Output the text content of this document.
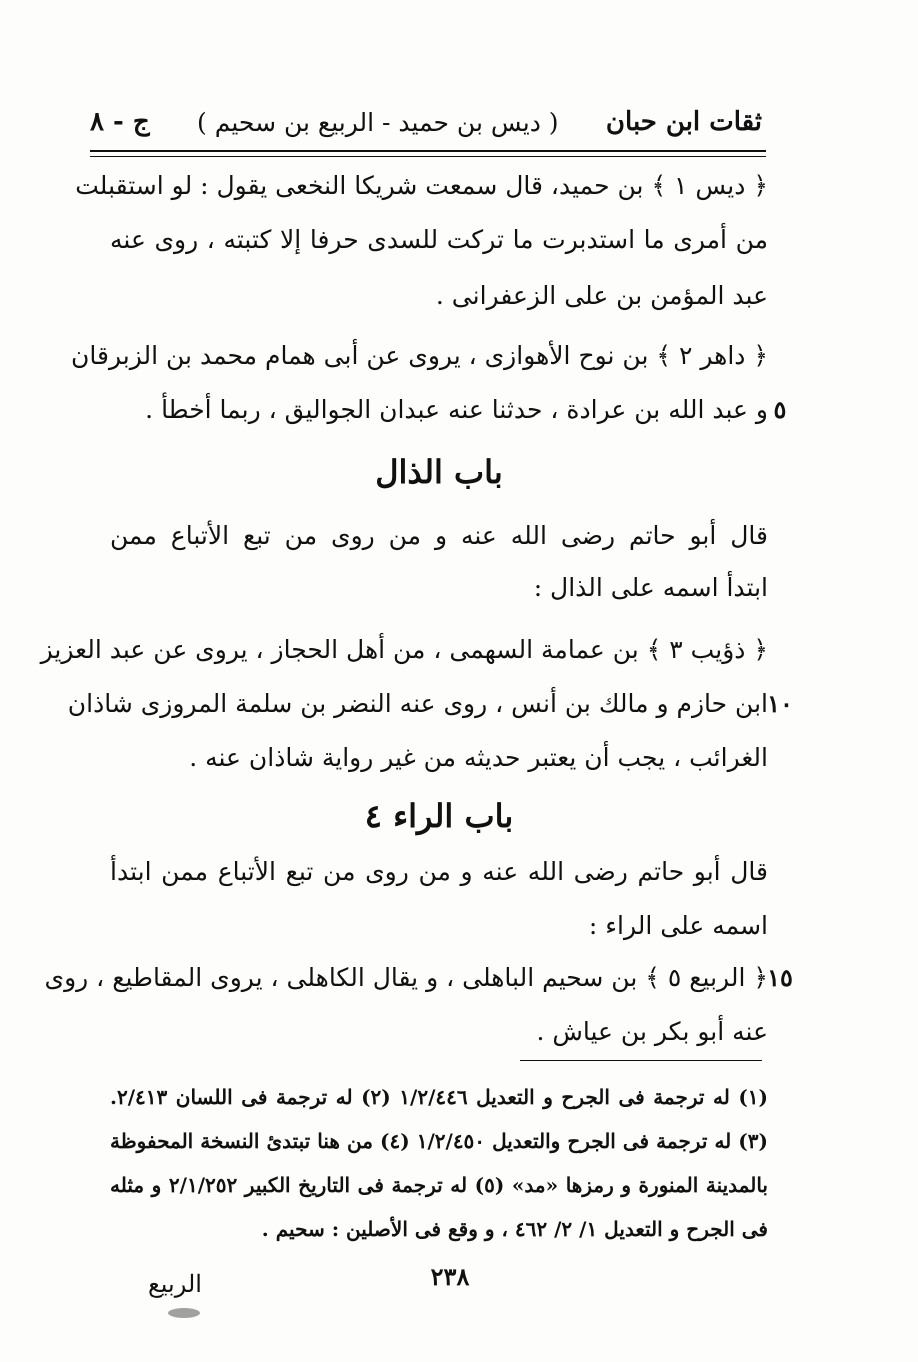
ثقات ابن حبان
( ديس بن حميد - الربيع بن سحيم )
ج - ٨
﴿ ديس ١ ﴾ بن حميد، قال سمعت شريكا النخعى يقول : لو استقبلت
من أمرى ما استدبرت ما تركت للسدى حرفا إلا كتبته ، روى عنه
عبد المؤمن بن على الزعفرانى .
﴿ داهر ٢ ﴾ بن نوح الأهوازى ، يروى عن أبى همام محمد بن الزبرقان
٥
و عبد الله بن عرادة ، حدثنا عنه عبدان الجواليق ، ربما أخطأ .
باب الذال
قال أبو حاتم رضى الله عنه و من روى من تبع الأتباع ممن
ابتدأ اسمه على الذال :
﴿ ذؤيب ٣ ﴾ بن عمامة السهمى ، من أهل الحجاز ، يروى عن عبد العزيز
١٠
ابن حازم و مالك بن أنس ، روى عنه النضر بن سلمة المروزى شاذان
الغرائب ، يجب أن يعتبر حديثه من غير رواية شاذان عنه .
باب الراء ٤
قال أبو حاتم رضى الله عنه و من روى من تبع الأتباع ممن ابتدأ
اسمه على الراء :
١٥
﴿ الربيع ٥ ﴾ بن سحيم الباهلى ، و يقال الكاهلى ، يروى المقاطيع ، روى
عنه أبو بكر بن عياش .
(١) له ترجمة فى الجرح و التعديل ١/٢/٤٤٦ (٢) له ترجمة فى اللسان ٢/٤١٣.
(٣) له ترجمة فى الجرح والتعديل ١/٢/٤٥٠ (٤) من هنا تبتدئ النسخة المحفوظة
بالمدينة المنورة و رمزها «مد» (٥) له ترجمة فى التاريخ الكبير ٢/١/٢٥٢ و مثله
فى الجرح و التعديل ١/ ٢/ ٤٦٢ ، و وقع فى الأصلين : سحيم .
٢٣٨
الربيع
